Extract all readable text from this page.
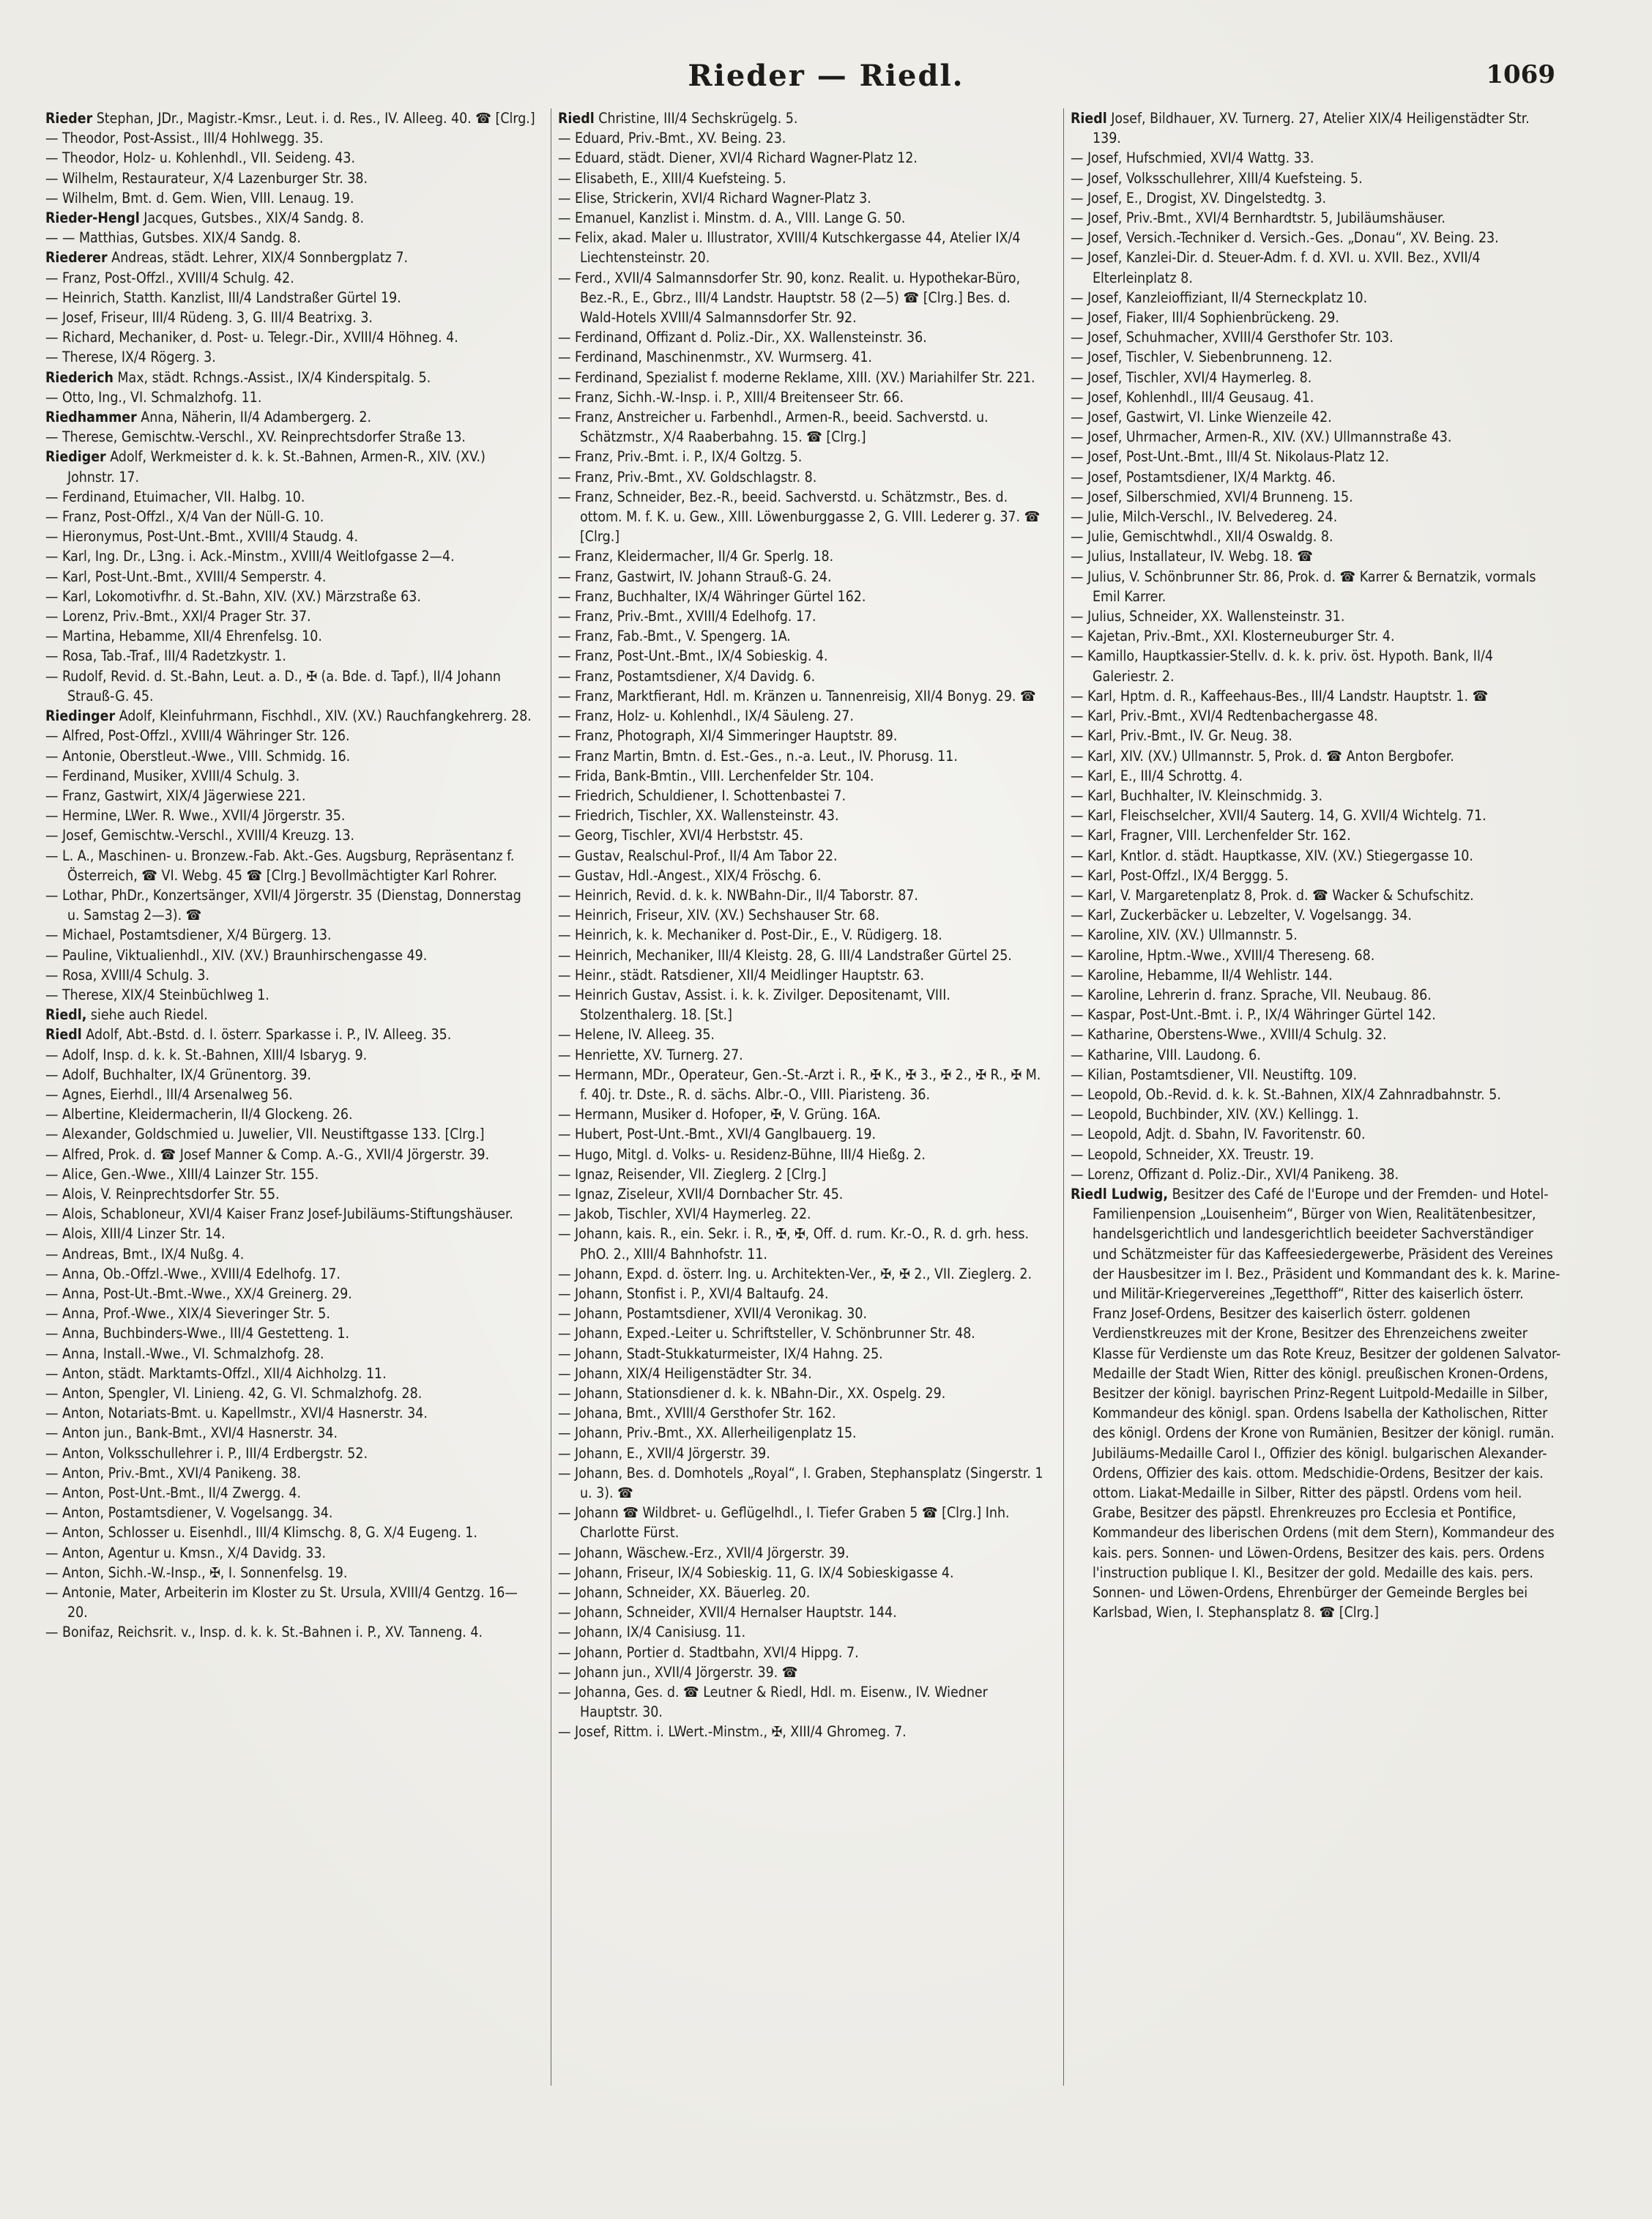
Rieder — Riedl.	1069

Rieder Stephan, JDr., Magistr.-Kmsr., Leut. i. d. Res., IV. Alleeg. 40. ☎ [Clrg.]

— Theodor, Post-Assist., III/4 Hohlwegg. 35.

— Theodor, Holz- u. Kohlenhdl., VII. Seideng. 43.

— Wilhelm, Restaurateur, X/4 Lazenburger Str. 38.

— Wilhelm, Bmt. d. Gem. Wien, VIII. Lenaug. 19.

Rieder-Hengl Jacques, Gutsbes., XIX/4 Sandg. 8.

— — Matthias, Gutsbes. XIX/4 Sandg. 8.

Riederer Andreas, städt. Lehrer, XIX/4 Sonnbergplatz 7.

— Franz, Post-Offzl., XVIII/4 Schulg. 42.

— Heinrich, Statth. Kanzlist, III/4 Landstraßer Gürtel 19.

— Josef, Friseur, III/4 Rüdeng. 3, G. III/4 Beatrixg. 3.

— Richard, Mechaniker, d. Post- u. Telegr.-Dir., XVIII/4 Höhneg. 4.

— Therese, IX/4 Rögerg. 3.

Riederich Max, städt. Rchngs.-Assist., IX/4 Kinderspitalg. 5.

— Otto, Ing., VI. Schmalzhofg. 11.

Riedhammer Anna, Näherin, II/4 Adambergerg. 2.

— Therese, Gemischtw.-Verschl., XV. Reinprechtsdorfer Straße 13.

Riediger Adolf, Werkmeister d. k. k. St.-Bahnen, Armen-R., XIV. (XV.) Johnstr. 17.

— Ferdinand, Etuimacher, VII. Halbg. 10.

— Franz, Post-Offzl., X/4 Van der Nüll-G. 10.

— Hieronymus, Post-Unt.-Bmt., XVIII/4 Staudg. 4.

— Karl, Ing. Dr., L3ng. i. Ack.-Minstm., XVIII/4 Weitlofgasse 2—4.

— Karl, Post-Unt.-Bmt., XVIII/4 Semperstr. 4.

— Karl, Lokomotivfhr. d. St.-Bahn, XIV. (XV.) Märzstraße 63.

— Lorenz, Priv.-Bmt., XXI/4 Prager Str. 37.

— Martina, Hebamme, XII/4 Ehrenfelsg. 10.

— Rosa, Tab.-Traf., III/4 Radetzkystr. 1.

— Rudolf, Revid. d. St.-Bahn, Leut. a. D., ✠ (a. Bde. d. Tapf.), II/4 Johann Strauß-G. 45.

Riedinger Adolf, Kleinfuhrmann, Fischhdl., XIV. (XV.) Rauchfangkehrerg. 28.

— Alfred, Post-Offzl., XVIII/4 Währinger Str. 126.

— Antonie, Oberstleut.-Wwe., VIII. Schmidg. 16.

— Ferdinand, Musiker, XVIII/4 Schulg. 3.

— Franz, Gastwirt, XIX/4 Jägerwiese 221.

— Hermine, LWer. R. Wwe., XVII/4 Jörgerstr. 35.

— Josef, Gemischtw.-Verschl., XVIII/4 Kreuzg. 13.

— L. A., Maschinen- u. Bronzew.-Fab. Akt.-Ges. Augsburg, Repräsentanz f. Österreich, ☎ VI. Webg. 45 ☎ [Clrg.] Bevollmächtigter Karl Rohrer.

— Lothar, PhDr., Konzertsänger, XVII/4 Jörgerstr. 35 (Dienstag, Donnerstag u. Samstag 2—3). ☎

— Michael, Postamtsdiener, X/4 Bürgerg. 13.

— Pauline, Viktualienhdl., XIV. (XV.) Braunhirschengasse 49.

— Rosa, XVIII/4 Schulg. 3.

— Therese, XIX/4 Steinbüchlweg 1.

Riedl, siehe auch Riedel.

Riedl Adolf, Abt.-Bstd. d. I. österr. Sparkasse i. P., IV. Alleeg. 35.

— Adolf, Insp. d. k. k. St.-Bahnen, XIII/4 Isbaryg. 9.

— Adolf, Buchhalter, IX/4 Grünentorg. 39.

— Agnes, Eierhdl., III/4 Arsenalweg 56.

— Albertine, Kleidermacherin, II/4 Glockeng. 26.

— Alexander, Goldschmied u. Juwelier, VII. Neustiftgasse 133. [Clrg.]

— Alfred, Prok. d. ☎ Josef Manner & Comp. A.-G., XVII/4 Jörgerstr. 39.

— Alice, Gen.-Wwe., XIII/4 Lainzer Str. 155.

— Alois, V. Reinprechtsdorfer Str. 55.

— Alois, Schabloneur, XVI/4 Kaiser Franz Josef-Jubiläums-Stiftungshäuser.

— Alois, XIII/4 Linzer Str. 14.

— Andreas, Bmt., IX/4 Nußg. 4.

— Anna, Ob.-Offzl.-Wwe., XVIII/4 Edelhofg. 17.

— Anna, Post-Ut.-Bmt.-Wwe., XX/4 Greinerg. 29.

— Anna, Prof.-Wwe., XIX/4 Sieveringer Str. 5.

— Anna, Buchbinders-Wwe., III/4 Gestetteng. 1.

— Anna, Install.-Wwe., VI. Schmalzhofg. 28.

— Anton, städt. Marktamts-Offzl., XII/4 Aichholzg. 11.

— Anton, Spengler, VI. Linieng. 42, G. VI. Schmalzhofg. 28.

— Anton, Notariats-Bmt. u. Kapellmstr., XVI/4 Hasnerstr. 34.

— Anton jun., Bank-Bmt., XVI/4 Hasnerstr. 34.

— Anton, Volksschullehrer i. P., III/4 Erdbergstr. 52.

— Anton, Priv.-Bmt., XVI/4 Panikeng. 38.

— Anton, Post-Unt.-Bmt., II/4 Zwergg. 4.

— Anton, Postamtsdiener, V. Vogelsangg. 34.

— Anton, Schlosser u. Eisenhdl., III/4 Klimschg. 8, G. X/4 Eugeng. 1.

— Anton, Agentur u. Kmsn., X/4 Davidg. 33.

— Anton, Sichh.-W.-Insp., ✠, I. Sonnenfelsg. 19.

— Antonie, Mater, Arbeiterin im Kloster zu St. Ursula, XVIII/4 Gentzg. 16—20.

— Bonifaz, Reichsrit. v., Insp. d. k. k. St.-Bahnen i. P., XV. Tanneng. 4.

Riedl Christine, III/4 Sechskrügelg. 5.

— Eduard, Priv.-Bmt., XV. Being. 23.

— Eduard, städt. Diener, XVI/4 Richard Wagner-Platz 12.

— Elisabeth, E., XIII/4 Kuefsteing. 5.

— Elise, Strickerin, XVI/4 Richard Wagner-Platz 3.

— Emanuel, Kanzlist i. Minstm. d. A., VIII. Lange G. 50.

— Felix, akad. Maler u. Illustrator, XVIII/4 Kutschkergasse 44, Atelier IX/4 Liechtensteinstr. 20.

— Ferd., XVII/4 Salmannsdorfer Str. 90, konz. Realit. u. Hypothekar-Büro, Bez.-R., E., Gbrz., III/4 Landstr. Hauptstr. 58 (2—5) ☎ [Clrg.] Bes. d. Wald-Hotels XVIII/4 Salmannsdorfer Str. 92.

— Ferdinand, Offizant d. Poliz.-Dir., XX. Wallensteinstr. 36.

— Ferdinand, Maschinenmstr., XV. Wurmserg. 41.

— Ferdinand, Spezialist f. moderne Reklame, XIII. (XV.) Mariahilfer Str. 221.

— Franz, Sichh.-W.-Insp. i. P., XIII/4 Breitenseer Str. 66.

— Franz, Anstreicher u. Farbenhdl., Armen-R., beeid. Sachverstd. u. Schätzmstr., X/4 Raaberbahng. 15. ☎ [Clrg.]

— Franz, Priv.-Bmt. i. P., IX/4 Goltzg. 5.

— Franz, Priv.-Bmt., XV. Goldschlagstr. 8.

— Franz, Schneider, Bez.-R., beeid. Sachverstd. u. Schätzmstr., Bes. d. ottom. M. f. K. u. Gew., XIII. Löwenburggasse 2, G. VIII. Lederer g. 37. ☎ [Clrg.]

— Franz, Kleidermacher, II/4 Gr. Sperlg. 18.

— Franz, Gastwirt, IV. Johann Strauß-G. 24.

— Franz, Buchhalter, IX/4 Währinger Gürtel 162.

— Franz, Priv.-Bmt., XVIII/4 Edelhofg. 17.

— Franz, Fab.-Bmt., V. Spengerg. 1A.

— Franz, Post-Unt.-Bmt., IX/4 Sobieskig. 4.

— Franz, Postamtsdiener, X/4 Davidg. 6.

— Franz, Marktfierant, Hdl. m. Kränzen u. Tannenreisig, XII/4 Bonyg. 29. ☎

— Franz, Holz- u. Kohlenhdl., IX/4 Säuleng. 27.

— Franz, Photograph, XI/4 Simmeringer Hauptstr. 89.

— Franz Martin, Bmtn. d. Est.-Ges., n.-a. Leut., IV. Phorusg. 11.

— Frida, Bank-Bmtin., VIII. Lerchenfelder Str. 104.

— Friedrich, Schuldiener, I. Schottenbastei 7.

— Friedrich, Tischler, XX. Wallensteinstr. 43.

— Georg, Tischler, XVI/4 Herbststr. 45.

— Gustav, Realschul-Prof., II/4 Am Tabor 22.

— Gustav, Hdl.-Angest., XIX/4 Fröschg. 6.

— Heinrich, Revid. d. k. k. NWBahn-Dir., II/4 Taborstr. 87.

— Heinrich, Friseur, XIV. (XV.) Sechshauser Str. 68.

— Heinrich, k. k. Mechaniker d. Post-Dir., E., V. Rüdigerg. 18.

— Heinrich, Mechaniker, III/4 Kleistg. 28, G. III/4 Landstraßer Gürtel 25.

— Heinr., städt. Ratsdiener, XII/4 Meidlinger Hauptstr. 63.

— Heinrich Gustav, Assist. i. k. k. Zivilger. Depositenamt, VIII. Stolzenthalerg. 18. [St.]

— Helene, IV. Alleeg. 35.

— Henriette, XV. Turnerg. 27.

— Hermann, MDr., Operateur, Gen.-St.-Arzt i. R., ✠ K., ✠ 3., ✠ 2., ✠ R., ✠ M. f. 40j. tr. Dste., R. d. sächs. Albr.-O., VIII. Piaristeng. 36.

— Hermann, Musiker d. Hofoper, ✠, V. Grüng. 16A.

— Hubert, Post-Unt.-Bmt., XVI/4 Ganglbauerg. 19.

— Hugo, Mitgl. d. Volks- u. Residenz-Bühne, III/4 Hießg. 2.

— Ignaz, Reisender, VII. Zieglerg. 2 [Clrg.]

— Ignaz, Ziseleur, XVII/4 Dornbacher Str. 45.

— Jakob, Tischler, XVI/4 Haymerleg. 22.

— Johann, kais. R., ein. Sekr. i. R., ✠, ✠, Off. d. rum. Kr.-O., R. d. grh. hess. PhO. 2., XIII/4 Bahnhofstr. 11.

— Johann, Expd. d. österr. Ing. u. Architekten-Ver., ✠, ✠ 2., VII. Zieglerg. 2.

— Johann, Stonfist i. P., XVI/4 Baltaufg. 24.

— Johann, Postamtsdiener, XVII/4 Veronikag. 30.

— Johann, Exped.-Leiter u. Schriftsteller, V. Schönbrunner Str. 48.

— Johann, Stadt-Stukkaturmeister, IX/4 Hahng. 25.

— Johann, XIX/4 Heiligenstädter Str. 34.

— Johann, Stationsdiener d. k. k. NBahn-Dir., XX. Ospelg. 29.

— Johana, Bmt., XVIII/4 Gersthofer Str. 162.

— Johann, Priv.-Bmt., XX. Allerheiligenplatz 15.

— Johann, E., XVII/4 Jörgerstr. 39.

— Johann, Bes. d. Domhotels „Royal“, I. Graben, Stephansplatz (Singerstr. 1 u. 3). ☎

— Johann ☎ Wildbret- u. Geflügelhdl., I. Tiefer Graben 5 ☎ [Clrg.] Inh. Charlotte Fürst.

— Johann, Wäschew.-Erz., XVII/4 Jörgerstr. 39.

— Johann, Friseur, IX/4 Sobieskig. 11, G. IX/4 Sobieskigasse 4.

— Johann, Schneider, XX. Bäuerleg. 20.

— Johann, Schneider, XVII/4 Hernalser Hauptstr. 144.

— Johann, IX/4 Canisiusg. 11.

— Johann, Portier d. Stadtbahn, XVI/4 Hippg. 7.

— Johann jun., XVII/4 Jörgerstr. 39. ☎

— Johanna, Ges. d. ☎ Leutner & Riedl, Hdl. m. Eisenw., IV. Wiedner Hauptstr. 30.

— Josef, Rittm. i. LWert.-Minstm., ✠, XIII/4 Ghromeg. 7.

Riedl Josef, Bildhauer, XV. Turnerg. 27, Atelier XIX/4 Heiligenstädter Str. 139.

— Josef, Hufschmied, XVI/4 Wattg. 33.

— Josef, Volksschullehrer, XIII/4 Kuefsteing. 5.

— Josef, E., Drogist, XV. Dingelstedtg. 3.

— Josef, Priv.-Bmt., XVI/4 Bernhardtstr. 5, Jubiläumshäuser.

— Josef, Versich.-Techniker d. Versich.-Ges. „Donau“, XV. Being. 23.

— Josef, Kanzlei-Dir. d. Steuer-Adm. f. d. XVI. u. XVII. Bez., XVII/4 Elterleinplatz 8.

— Josef, Kanzleioffiziant, II/4 Sterneckplatz 10.

— Josef, Fiaker, III/4 Sophienbrückeng. 29.

— Josef, Schuhmacher, XVIII/4 Gersthofer Str. 103.

— Josef, Tischler, V. Siebenbrunneng. 12.

— Josef, Tischler, XVI/4 Haymerleg. 8.

— Josef, Kohlenhdl., III/4 Geusaug. 41.

— Josef, Gastwirt, VI. Linke Wienzeile 42.

— Josef, Uhrmacher, Armen-R., XIV. (XV.) Ullmannstraße 43.

— Josef, Post-Unt.-Bmt., III/4 St. Nikolaus-Platz 12.

— Josef, Postamtsdiener, IX/4 Marktg. 46.

— Josef, Silberschmied, XVI/4 Brunneng. 15.

— Julie, Milch-Verschl., IV. Belvedereg. 24.

— Julie, Gemischtwhdl., XII/4 Oswaldg. 8.

— Julius, Installateur, IV. Webg. 18. ☎

— Julius, V. Schönbrunner Str. 86, Prok. d. ☎ Karrer & Bernatzik, vormals Emil Karrer.

— Julius, Schneider, XX. Wallensteinstr. 31.

— Kajetan, Priv.-Bmt., XXI. Klosterneuburger Str. 4.

— Kamillo, Hauptkassier-Stellv. d. k. k. priv. öst. Hypoth. Bank, II/4 Galeriestr. 2.

— Karl, Hptm. d. R., Kaffeehaus-Bes., III/4 Landstr. Hauptstr. 1. ☎

— Karl, Priv.-Bmt., XVI/4 Redtenbachergasse 48.

— Karl, Priv.-Bmt., IV. Gr. Neug. 38.

— Karl, XIV. (XV.) Ullmannstr. 5, Prok. d. ☎ Anton Bergbofer.

— Karl, E., III/4 Schrottg. 4.

— Karl, Buchhalter, IV. Kleinschmidg. 3.

— Karl, Fleischselcher, XVII/4 Sauterg. 14, G. XVII/4 Wichtelg. 71.

— Karl, Fragner, VIII. Lerchenfelder Str. 162.

— Karl, Kntlor. d. städt. Hauptkasse, XIV. (XV.) Stiegergasse 10.

— Karl, Post-Offzl., IX/4 Berggg. 5.

— Karl, V. Margaretenplatz 8, Prok. d. ☎ Wacker & Schufschitz.

— Karl, Zuckerbäcker u. Lebzelter, V. Vogelsangg. 34.

— Karoline, XIV. (XV.) Ullmannstr. 5.

— Karoline, Hptm.-Wwe., XVIII/4 Thereseng. 68.

— Karoline, Hebamme, II/4 Wehlistr. 144.

— Karoline, Lehrerin d. franz. Sprache, VII. Neubaug. 86.

— Kaspar, Post-Unt.-Bmt. i. P., IX/4 Währinger Gürtel 142.

— Katharine, Oberstens-Wwe., XVIII/4 Schulg. 32.

— Katharine, VIII. Laudong. 6.

— Kilian, Postamtsdiener, VII. Neustiftg. 109.

— Leopold, Ob.-Revid. d. k. k. St.-Bahnen, XIX/4 Zahnradbahnstr. 5.

— Leopold, Buchbinder, XIV. (XV.) Kellingg. 1.

— Leopold, Adjt. d. Sbahn, IV. Favoritenstr. 60.

— Leopold, Schneider, XX. Treustr. 19.

— Lorenz, Offizant d. Poliz.-Dir., XVI/4 Panikeng. 38.

Riedl Ludwig, Besitzer des Café de l'Europe und der Fremden- und Hotel-Familienpension „Louisenheim“, Bürger von Wien, Realitätenbesitzer, handelsgerichtlich und landesgerichtlich beeideter Sachverständiger und Schätzmeister für das Kaffeesiedergewerbe, Präsident des Vereines der Hausbesitzer im I. Bez., Präsident und Kommandant des k. k. Marine- und Militär-Kriegervereines „Tegetthoff“, Ritter des kaiserlich österr. Franz Josef-Ordens, Besitzer des kaiserlich österr. goldenen Verdienstkreuzes mit der Krone, Besitzer des Ehrenzeichens zweiter Klasse für Verdienste um das Rote Kreuz, Besitzer der goldenen Salvator-Medaille der Stadt Wien, Ritter des königl. preußischen Kronen-Ordens, Besitzer der königl. bayrischen Prinz-Regent Luitpold-Medaille in Silber, Kommandeur des königl. span. Ordens Isabella der Katholischen, Ritter des königl. Ordens der Krone von Rumänien, Besitzer der königl. rumän. Jubiläums-Medaille Carol I., Offizier des königl. bulgarischen Alexander-Ordens, Offizier des kais. ottom. Medschidie-Ordens, Besitzer der kais. ottom. Liakat-Medaille in Silber, Ritter des päpstl. Ordens vom heil. Grabe, Besitzer des päpstl. Ehrenkreuzes pro Ecclesia et Pontifice, Kommandeur des liberischen Ordens (mit dem Stern), Kommandeur des kais. pers. Sonnen- und Löwen-Ordens, Besitzer des kais. pers. Ordens l'instruction publique I. Kl., Besitzer der gold. Medaille des kais. pers. Sonnen- und Löwen-Ordens, Ehrenbürger der Gemeinde Bergles bei Karlsbad, Wien, I. Stephansplatz 8. ☎ [Clrg.]
